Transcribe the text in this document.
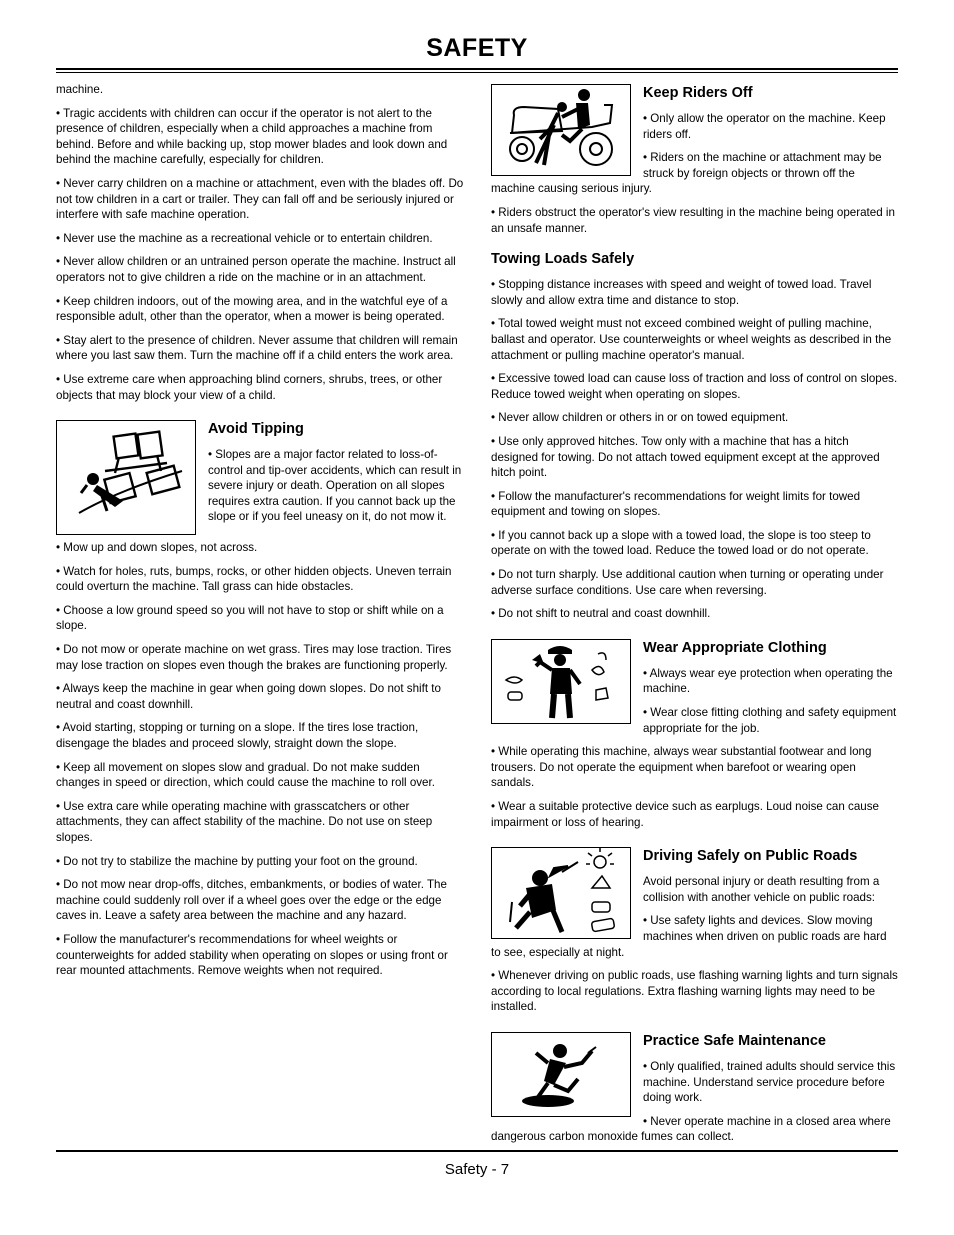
SAFETY

machine.

• Tragic accidents with children can occur if the operator is not alert to the presence of children, especially when a child approaches a machine from behind. Before and while backing up, stop mower blades and look down and behind the machine carefully, especially for children.

• Never carry children on a machine or attachment, even with the blades off. Do not tow children in a cart or trailer. They can fall off and be seriously injured or interfere with safe machine operation.

• Never use the machine as a recreational vehicle or to entertain children.

• Never allow children or an untrained person operate the machine. Instruct all operators not to give children a ride on the machine or in an attachment.

• Keep children indoors, out of the mowing area, and in the watchful eye of a responsible adult, other than the operator, when a mower is being operated.

• Stay alert to the presence of children. Never assume that children will remain where you last saw them. Turn the machine off if a child enters the work area.

• Use extreme care when approaching blind corners, shrubs, trees, or other objects that may block your view of a child.

Avoid Tipping

• Slopes are a major factor related to loss-of-control and tip-over accidents, which can result in severe injury or death. Operation on all slopes requires extra caution. If you cannot back up the slope or if you feel uneasy on it, do not mow it.

• Mow up and down slopes, not across.

• Watch for holes, ruts, bumps, rocks, or other hidden objects. Uneven terrain could overturn the machine. Tall grass can hide obstacles.

• Choose a low ground speed so you will not have to stop or shift while on a slope.

• Do not mow or operate machine on wet grass. Tires may lose traction. Tires may lose traction on slopes even though the brakes are functioning properly.

• Always keep the machine in gear when going down slopes. Do not shift to neutral and coast downhill.

• Avoid starting, stopping or turning on a slope. If the tires lose traction, disengage the blades and proceed slowly, straight down the slope.

• Keep all movement on slopes slow and gradual. Do not make sudden changes in speed or direction, which could cause the machine to roll over.

• Use extra care while operating machine with grasscatchers or other attachments, they can affect stability of the machine. Do not use on steep slopes.

• Do not try to stabilize the machine by putting your foot on the ground.

• Do not mow near drop-offs, ditches, embankments, or bodies of water. The machine could suddenly roll over if a wheel goes over the edge or the edge caves in. Leave a safety area between the machine and any hazard.

• Follow the manufacturer's recommendations for wheel weights or counterweights for added stability when operating on slopes or using front or rear mounted attachments. Remove weights when not required.

Keep Riders Off

• Only allow the operator on the machine. Keep riders off.

• Riders on the machine or attachment may be struck by foreign objects or thrown off the machine causing serious injury.

• Riders obstruct the operator's view resulting in the machine being operated in an unsafe manner.

Towing Loads Safely

• Stopping distance increases with speed and weight of towed load. Travel slowly and allow extra time and distance to stop.

• Total towed weight must not exceed combined weight of pulling machine, ballast and operator. Use counterweights or wheel weights as described in the attachment or pulling machine operator's manual.

• Excessive towed load can cause loss of traction and loss of control on slopes. Reduce towed weight when operating on slopes.

• Never allow children or others in or on towed equipment.

• Use only approved hitches. Tow only with a machine that has a hitch designed for towing. Do not attach towed equipment except at the approved hitch point.

• Follow the manufacturer's recommendations for weight limits for towed equipment and towing on slopes.

• If you cannot back up a slope with a towed load, the slope is too steep to operate on with the towed load. Reduce the towed load or do not operate.

• Do not turn sharply. Use additional caution when turning or operating under adverse surface conditions. Use care when reversing.

• Do not shift to neutral and coast downhill.

Wear Appropriate Clothing

• Always wear eye protection when operating the machine.

• Wear close fitting clothing and safety equipment appropriate for the job.

• While operating this machine, always wear substantial footwear and long trousers. Do not operate the equipment when barefoot or wearing open sandals.

• Wear a suitable protective device such as earplugs. Loud noise can cause impairment or loss of hearing.

Driving Safely on Public Roads

Avoid personal injury or death resulting from a collision with another vehicle on public roads:

• Use safety lights and devices. Slow moving machines when driven on public roads are hard to see, especially at night.

• Whenever driving on public roads, use flashing warning lights and turn signals according to local regulations. Extra flashing warning lights may need to be installed.

Practice Safe Maintenance

• Only qualified, trained adults should service this machine. Understand service procedure before doing work.

• Never operate machine in a closed area where dangerous carbon monoxide fumes can collect.

Safety - 7
